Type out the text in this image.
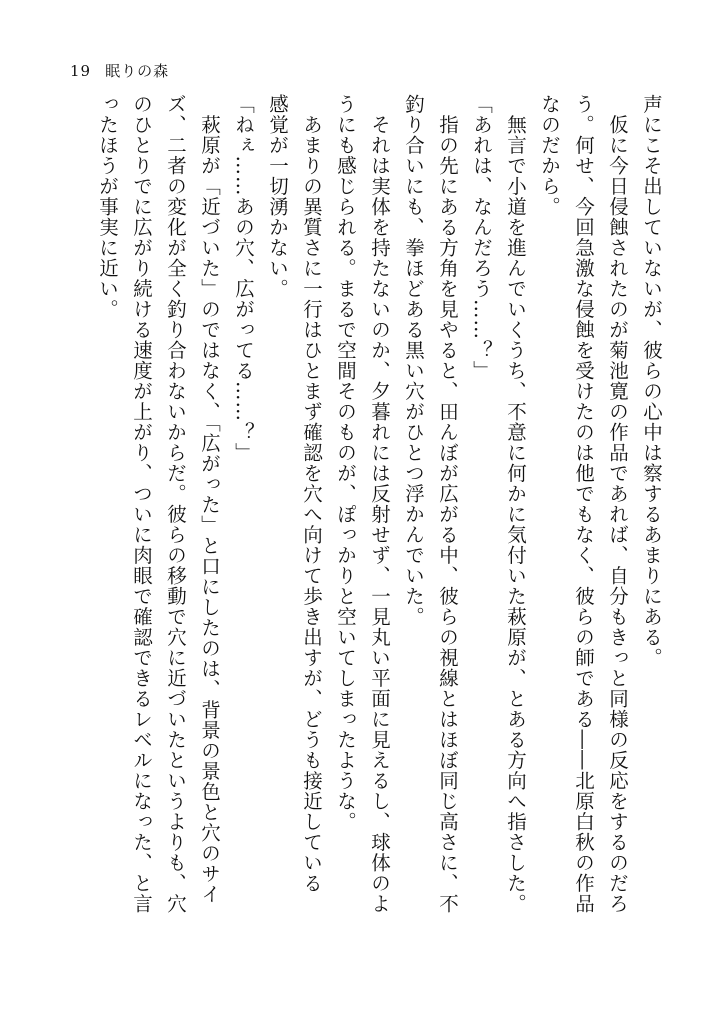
19 眠りの森

声にこそ出していないが、彼らの心中は察するあまりにある。

　仮に今日侵蝕されたのが菊池寛の作品であれば、自分もきっと同様の反応をするのだろ

う。何せ、今回急激な侵蝕を受けたのは他でもなく、彼らの師である――北原白秋の作品

なのだから。

　無言で小道を進んでいくうち、不意に何かに気付いた萩原が、とある方向へ指さした。

「あれは、なんだろう……？」

　指の先にある方角を見やると、田んぼが広がる中、彼らの視線とはほぼ同じ高さに、不

釣り合いにも、拳ほどある黒い穴がひとつ浮かんでいた。

　それは実体を持たないのか、夕暮れには反射せず、一見丸い平面に見えるし、球体のよ

うにも感じられる。まるで空間そのものが、ぽっかりと空いてしまったような。

　あまりの異質さに一行はひとまず確認を穴へ向けて歩き出すが、どうも接近している

感覚が一切湧かない。

「ねぇ……あの穴、広がってる……？」

　萩原が「近づいた」のではなく、「広がった」と口にしたのは、背景の景色と穴のサイ

ズ、二者の変化が全く釣り合わないからだ。彼らの移動で穴に近づいたというよりも、穴

のひとりでに広がり続ける速度が上がり、ついに肉眼で確認できるレベルになった、と言

ったほうが事実に近い。
